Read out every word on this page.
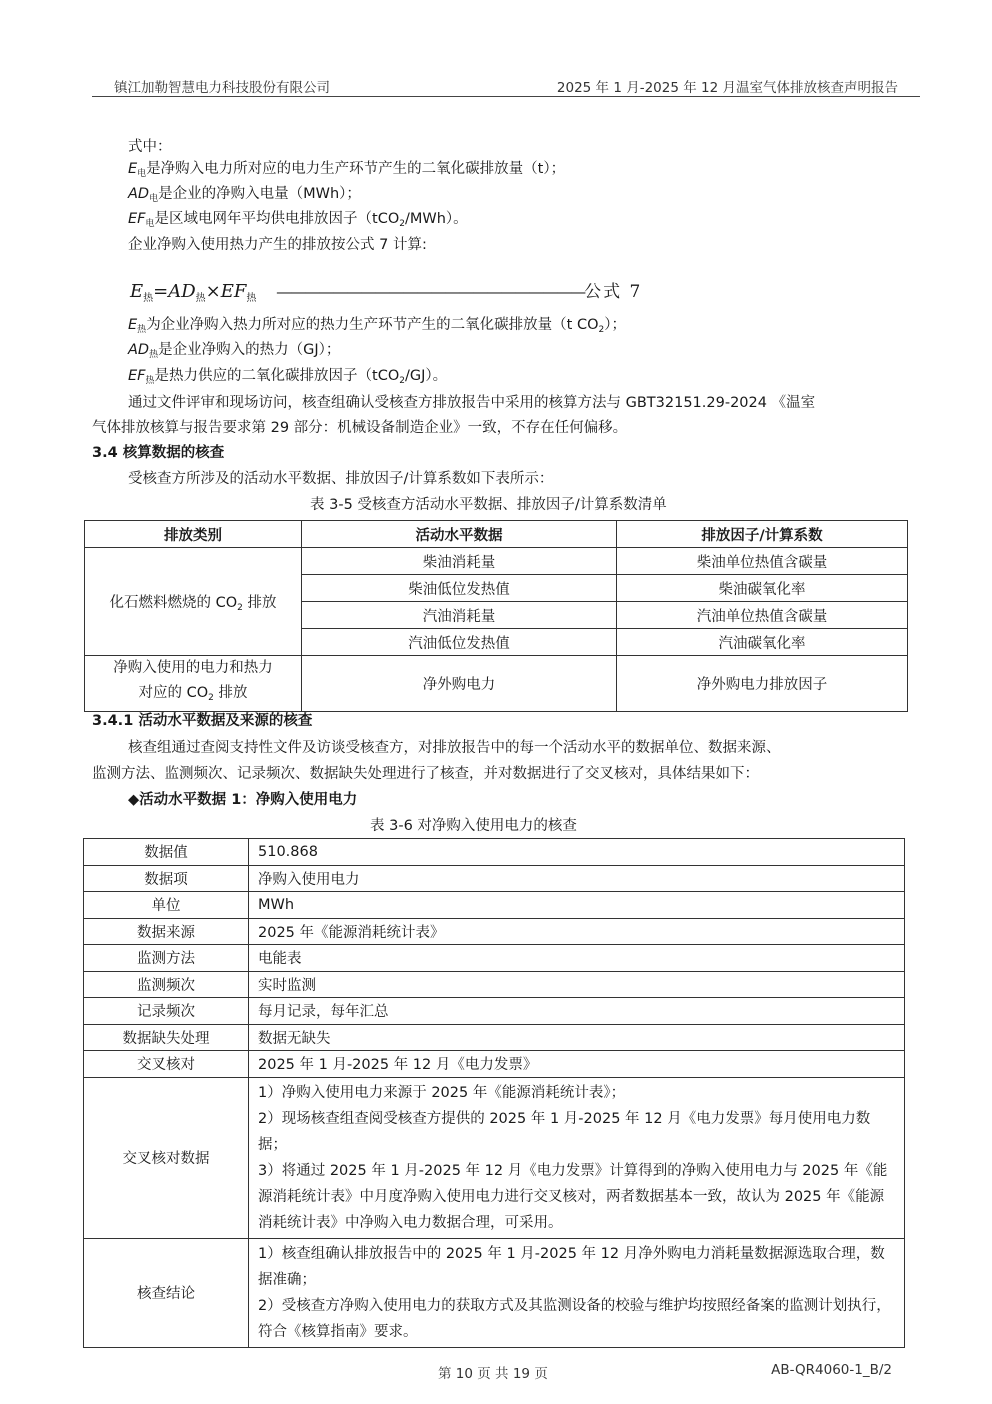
镇江加勒智慧电力科技股份有限公司	2025 年 1 月-2025 年 12 月温室气体排放核查声明报告
式中：
$E_电$是净购入电力所对应的电力生产环节产生的二氧化碳排放量（t）；
$AD_电$是企业的净购入电量（MWh）；
$EF_电$是区域电网年平均供电排放因子（tCO$_2$/MWh）。
企业净购入使用热力产生的排放按公式 7 计算:
$E_热=AD_热\times EF_热$ ——————————————————————公式 7
$E_热$为企业净购入热力所对应的热力生产环节产生的二氧化碳排放量（t $CO_2$）；
$AD_热$是企业净购入的热力（GJ）；
$EF_热$是热力供应的二氧化碳排放因子（tCO$_2$/GJ）。
通过文件评审和现场访问，核查组确认受核查方排放报告中采用的核算方法与 GBT32151.29-2024 《温室
气体排放核算与报告要求第 29 部分：机械设备制造企业》一致，不存在任何偏移。
3.4 核算数据的核查
受核查方所涉及的活动水平数据、排放因子/计算系数如下表所示：
表 3-5 受核查方活动水平数据、排放因子/计算系数清单
排放类别	活动水平数据	排放因子/计算系数
化石燃料燃烧的 $CO_2$ 排放	柴油消耗量	柴油单位热值含碳量
	柴油低位发热值	柴油碳氧化率
	汽油消耗量	汽油单位热值含碳量
	汽油低位发热值	汽油碳氧化率
净购入使用的电力和热力
对应的 $CO_2$ 排放	净外购电力	净外购电力排放因子
3.4.1 活动水平数据及来源的核查
核查组通过查阅支持性文件及访谈受核查方，对排放报告中的每一个活动水平的数据单位、数据来源、
监测方法、监测频次、记录频次、数据缺失处理进行了核查，并对数据进行了交叉核对，具体结果如下：
◆活动水平数据 1：净购入使用电力
表 3-6 对净购入使用电力的核查
数据值	510.868
数据项	净购入使用电力
单位	MWh
数据来源	2025 年《能源消耗统计表》
监测方法	电能表
监测频次	实时监测
记录频次	每月记录，每年汇总
数据缺失处理	数据无缺失
交叉核对	2025 年 1 月-2025 年 12 月《电力发票》
交叉核对数据	1）净购入使用电力来源于 2025 年《能源消耗统计表》；
2）现场核查组查阅受核查方提供的 2025 年 1 月-2025 年 12 月《电力发票》每月使用电力数据；
3）将通过 2025 年 1 月-2025 年 12 月《电力发票》计算得到的净购入使用电力与 2025 年《能源消耗统计表》中月度净购入使用电力进行交叉核对，两者数据基本一致，故认为 2025 年《能源消耗统计表》中净购入电力数据合理，可采用。

核查结论	1）核查组确认排放报告中的 2025 年 1 月-2025 年 12 月净外购电力消耗量数据源选取合理，数据准确；
2）受核查方净购入使用电力的获取方式及其监测设备的校验与维护均按照经备案的监测计划执行，符合《核算指南》要求。
第 10 页 共 19 页	AB-QR4060-1_B/2
